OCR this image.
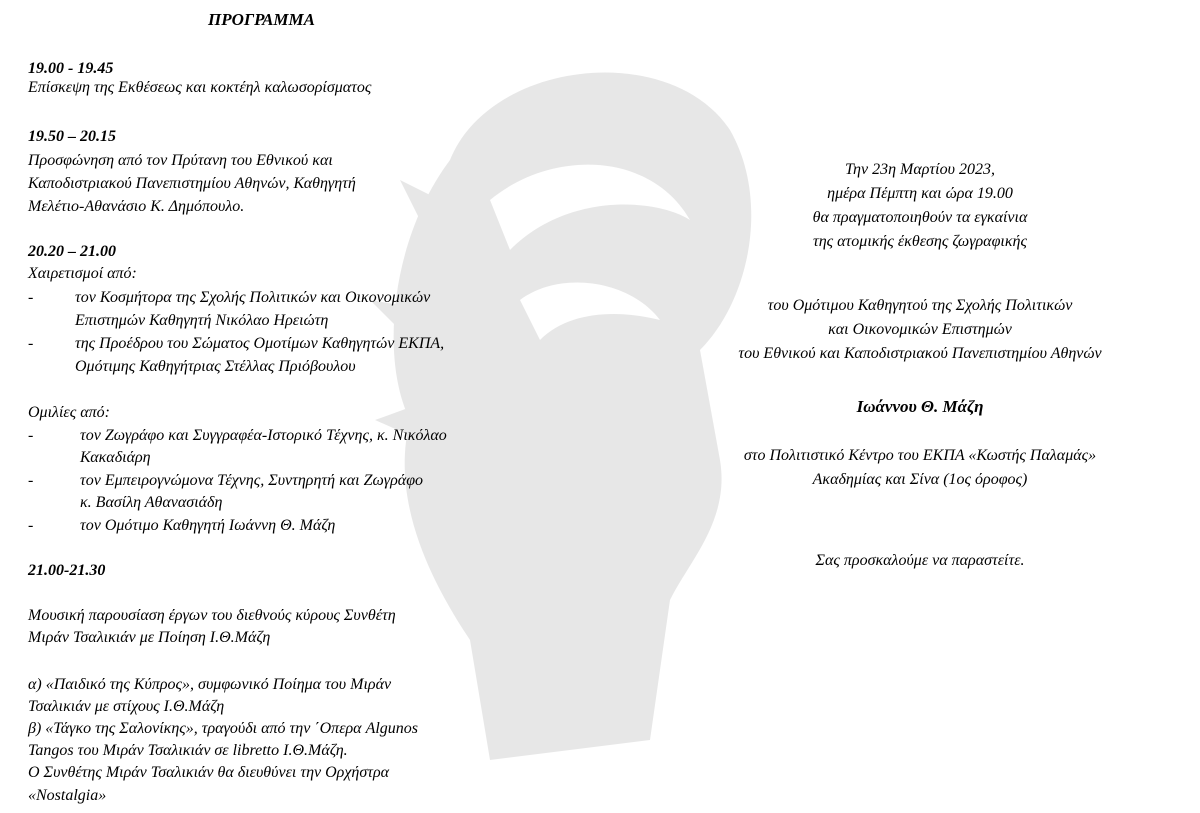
ΠΡΟΓΡΑΜΜΑ
19.00 - 19.45
Επίσκεψη της Εκθέσεως και κοκτέηλ καλωσορίσματος
19.50 – 20.15
Προσφώνηση από τον Πρύτανη του Εθνικού και
Καποδιστριακού Πανεπιστημίου Αθηνών, Καθηγητή
Μελέτιο-Αθανάσιο Κ. Δημόπουλο.
20.20 – 21.00
Χαιρετισμοί από:
-	τον Κοσμήτορα της Σχολής Πολιτικών και Οικονομικών
Επιστημών Καθηγητή Νικόλαο Ηρειώτη
-	της Προέδρου του Σώματος Ομοτίμων Καθηγητών ΕΚΠΑ,
Ομότιμης Καθηγήτριας Στέλλας Πριόβουλου
Ομιλίες από:
-	τον Ζωγράφο και Συγγραφέα-Ιστορικό Τέχνης, κ. Νικόλαο
Κακαδιάρη
-	τον Εμπειρογνώμονα Τέχνης, Συντηρητή και Ζωγράφο
κ. Βασίλη Αθανασιάδη
-	τον Ομότιμο Καθηγητή Ιωάννη Θ. Μάζη
21.00-21.30
Μουσική παρουσίαση έργων του διεθνούς κύρους Συνθέτη
Μιράν Τσαλικιάν με Ποίηση Ι.Θ.Μάζη
α) «Παιδικό της Κύπρος», συμφωνικό Ποίημα του Μιράν
Τσαλικιάν με στίχους Ι.Θ.Μάζη
β) «Τάγκο της Σαλονίκης», τραγούδι από την ΄Οπερα Algunos
Tangos του Μιράν Τσαλικιάν σε libretto Ι.Θ.Μάζη.
Ο Συνθέτης Μιράν Τσαλικιάν θα διευθύνει την Ορχήστρα
«Nostalgia»
Την 23η Μαρτίου 2023,
ημέρα Πέμπτη και ώρα 19.00
θα πραγματοποιηθούν τα εγκαίνια
της ατομικής έκθεσης ζωγραφικής
του Ομότιμου Καθηγητού της Σχολής Πολιτικών
και Οικονομικών Επιστημών
του Εθνικού και Καποδιστριακού Πανεπιστημίου Αθηνών
Ιωάννου Θ. Μάζη
στο Πολιτιστικό Κέντρο του ΕΚΠΑ «Κωστής Παλαμάς»
Ακαδημίας και Σίνα (1ος όροφος)
Σας προσκαλούμε να παραστείτε.
